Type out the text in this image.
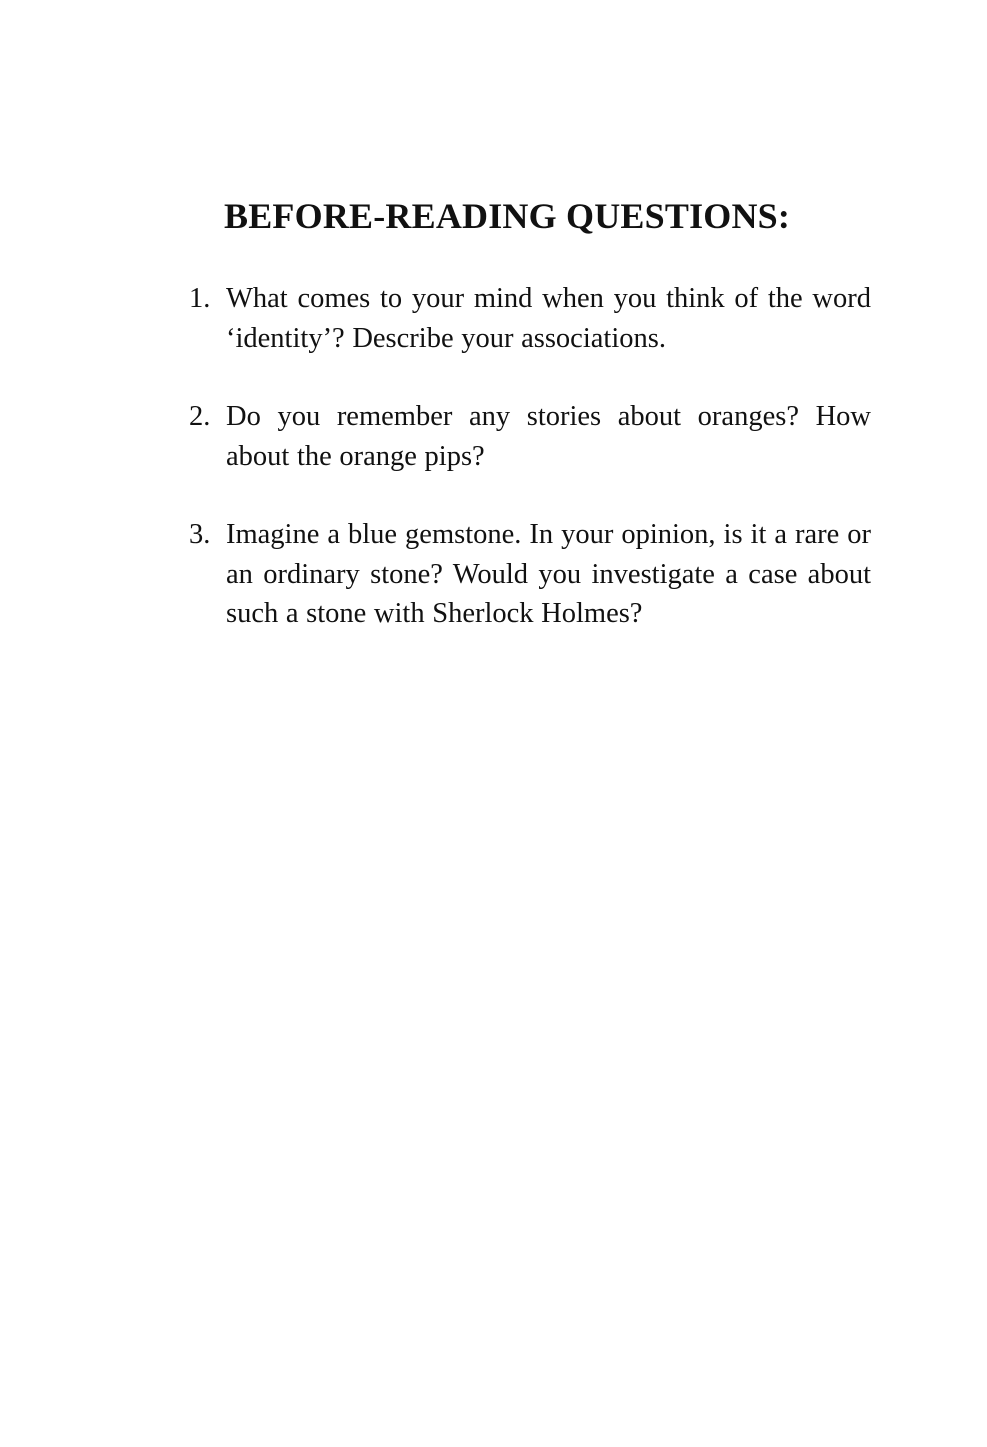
BEFORE-READING QUESTIONS:
1. What comes to your mind when you think of the word ‘identity’? Describe your associations.
2. Do you remember any stories about oranges? How about the orange pips?
3. Imagine a blue gemstone. In your opinion, is it a rare or an ordinary stone? Would you investigate a case about such a stone with Sherlock Holmes?
